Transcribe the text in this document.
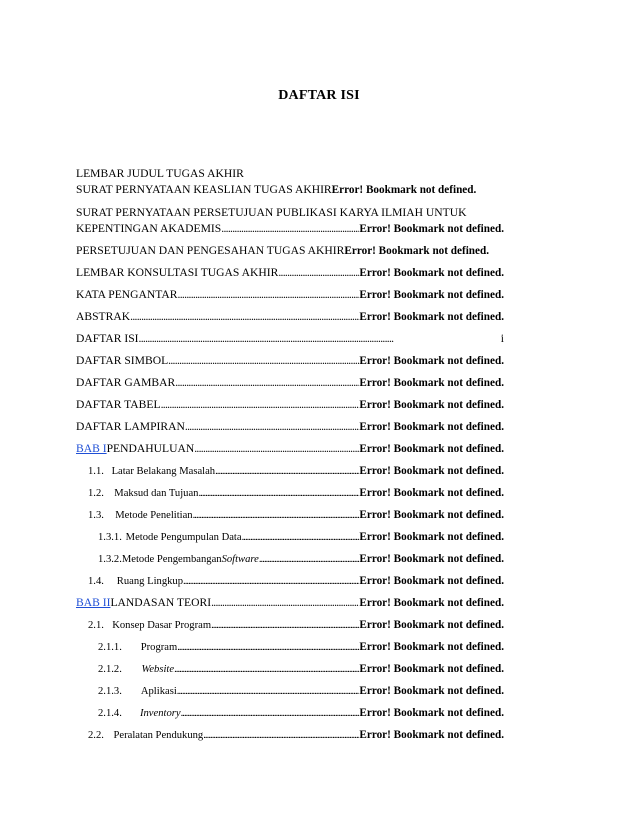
DAFTAR ISI
LEMBAR JUDUL TUGAS AKHIR
SURAT PERNYATAAN KEASLIAN TUGAS AKHIR Error! Bookmark not defined.
SURAT PERNYATAAN PERSETUJUAN PUBLIKASI KARYA ILMIAH UNTUK
KEPENTINGAN AKADEMIS . . .	Error! Bookmark not defined.
PERSETUJUAN DAN PENGESAHAN TUGAS AKHIR Error! Bookmark not defined.
LEMBAR KONSULTASI TUGAS AKHIR . . .	Error! Bookmark not defined.
KATA PENGANTAR . . .	Error! Bookmark not defined.
ABSTRAK . . .	Error! Bookmark not defined.
DAFTAR ISI . . .	i
DAFTAR SIMBOL . . .	Error! Bookmark not defined.
DAFTAR GAMBAR . . .	Error! Bookmark not defined.
DAFTAR TABEL . . .	Error! Bookmark not defined.
DAFTAR LAMPIRAN . . .	Error! Bookmark not defined.
BAB I PENDAHULUAN . . .	Error! Bookmark not defined.
1.1. Latar Belakang Masalah . . .	Error! Bookmark not defined.
1.2. Maksud dan Tujuan . . .	Error! Bookmark not defined.
1.3.	Metode Penelitian . . .	Error! Bookmark not defined.
1.3.1. Metode Pengumpulan Data . . .	Error! Bookmark not defined.
1.3.2. Metode Pengembangan Software . . .	Error! Bookmark not defined.
1.4.	Ruang Lingkup . . .	Error! Bookmark not defined.
BAB II LANDASAN TEORI . . .	Error! Bookmark not defined.
2.1. Konsep Dasar Program . . .	Error! Bookmark not defined.
2.1.1.	Program . . .	Error! Bookmark not defined.
2.1.2.	Website . . .	Error! Bookmark not defined.
2.1.3.	Aplikasi . . .	Error! Bookmark not defined.
2.1.4.	Inventory . . .	Error! Bookmark not defined.
2.2. Peralatan Pendukung . . .	Error! Bookmark not defined.
